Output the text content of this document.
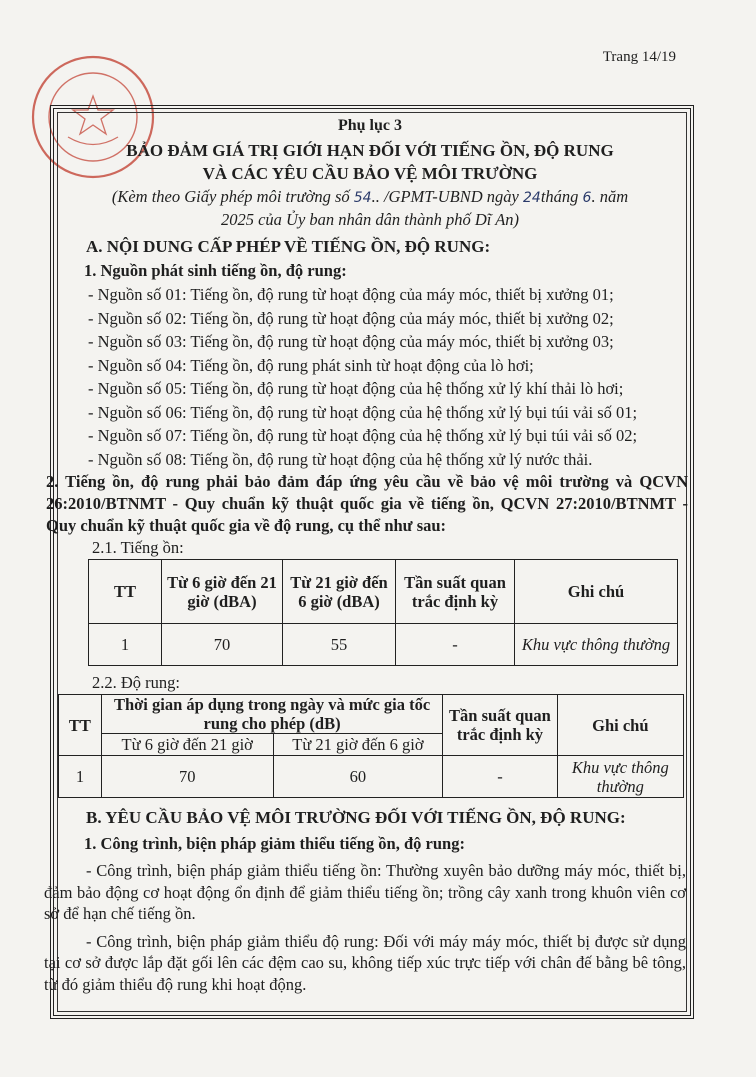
Trang 14/19
Phụ lục 3
BẢO ĐẢM GIÁ TRỊ GIỚI HẠN ĐỐI VỚI TIẾNG ỒN, ĐỘ RUNG
VÀ CÁC YÊU CẦU BẢO VỆ MÔI TRƯỜNG
(Kèm theo Giấy phép môi trường số 54.. /GPMT-UBND ngày 24tháng 6. năm
2025 của Ủy ban nhân dân thành phố Dĩ An)
A. NỘI DUNG CẤP PHÉP VỀ TIẾNG ỒN, ĐỘ RUNG:
1. Nguồn phát sinh tiếng ồn, độ rung:
- Nguồn số 01: Tiếng ồn, độ rung từ hoạt động của máy móc, thiết bị xưởng 01;
- Nguồn số 02: Tiếng ồn, độ rung từ hoạt động của máy móc, thiết bị xưởng 02;
- Nguồn số 03: Tiếng ồn, độ rung từ hoạt động của máy móc, thiết bị xưởng 03;
- Nguồn số 04: Tiếng ồn, độ rung phát sinh từ hoạt động của lò hơi;
- Nguồn số 05: Tiếng ồn, độ rung từ hoạt động của hệ thống xử lý khí thải lò hơi;
- Nguồn số 06: Tiếng ồn, độ rung từ hoạt động của hệ thống xử lý bụi túi vải số 01;
- Nguồn số 07: Tiếng ồn, độ rung từ hoạt động của hệ thống xử lý bụi túi vải số 02;
- Nguồn số 08: Tiếng ồn, độ rung từ hoạt động của hệ thống xử lý nước thải.
2. Tiếng ồn, độ rung phải bảo đảm đáp ứng yêu cầu về bảo vệ môi trường và QCVN 26:2010/BTNMT - Quy chuẩn kỹ thuật quốc gia về tiếng ồn, QCVN 27:2010/BTNMT - Quy chuẩn kỹ thuật quốc gia về độ rung, cụ thể như sau:
2.1. Tiếng ồn:
TT	Từ 6 giờ đến 21 giờ (dBA)	Từ 21 giờ đến 6 giờ (dBA)	Tần suất quan trắc định kỳ	Ghi chú
1	70	55	-	Khu vực thông thường
2.2. Độ rung:
TT	Thời gian áp dụng trong ngày và mức gia tốc rung cho phép (dB)		Tần suất quan trắc định kỳ	Ghi chú
	Từ 6 giờ đến 21 giờ	Từ 21 giờ đến 6 giờ		
1	70	60	-	Khu vực thông thường
B. YÊU CẦU BẢO VỆ MÔI TRƯỜNG ĐỐI VỚI TIẾNG ỒN, ĐỘ RUNG:
1. Công trình, biện pháp giảm thiểu tiếng ồn, độ rung:
- Công trình, biện pháp giảm thiểu tiếng ồn: Thường xuyên bảo dưỡng máy móc, thiết bị, đảm bảo động cơ hoạt động ổn định để giảm thiểu tiếng ồn; trồng cây xanh trong khuôn viên cơ sở để hạn chế tiếng ồn.
- Công trình, biện pháp giảm thiểu độ rung: Đối với máy máy móc, thiết bị được sử dụng tại cơ sở được lắp đặt gối lên các đệm cao su, không tiếp xúc trực tiếp với chân đế bằng bê tông, từ đó giảm thiểu độ rung khi hoạt động.
